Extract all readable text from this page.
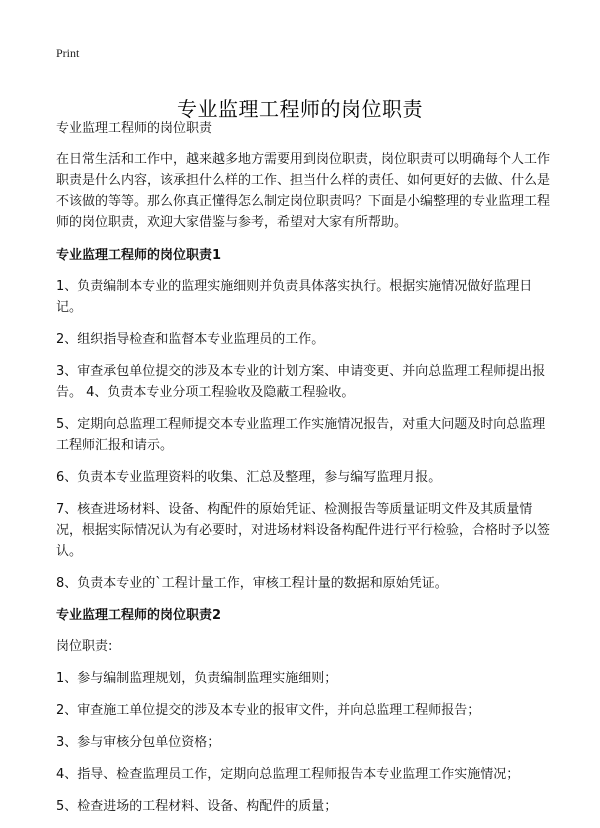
Print
专业监理工程师的岗位职责

专业监理工程师的岗位职责

在日常生活和工作中，越来越多地方需要用到岗位职责，岗位职责可以明确每个人工作职责是什么内容，该承担什么样的工作、担当什么样的责任、如何更好的去做、什么是不该做的等等。那么你真正懂得怎么制定岗位职责吗？下面是小编整理的专业监理工程师的岗位职责，欢迎大家借鉴与参考，希望对大家有所帮助。

专业监理工程师的岗位职责1

1、负责编制本专业的监理实施细则并负责具体落实执行。根据实施情况做好监理日记。

2、组织指导检查和监督本专业监理员的工作。

3、审查承包单位提交的涉及本专业的计划方案、申请变更、并向总监理工程师提出报告。 4、负责本专业分项工程验收及隐蔽工程验收。

5、定期向总监理工程师提交本专业监理工作实施情况报告，对重大问题及时向总监理工程师汇报和请示。

6、负责本专业监理资料的收集、汇总及整理，参与编写监理月报。

7、核查进场材料、设备、构配件的原始凭证、检测报告等质量证明文件及其质量情况，根据实际情况认为有必要时，对进场材料设备构配件进行平行检验，合格时予以签认。

8、负责本专业的`工程计量工作，审核工程计量的数据和原始凭证。

专业监理工程师的岗位职责2

岗位职责:

1、参与编制监理规划，负责编制监理实施细则；

2、审查施工单位提交的涉及本专业的报审文件，并向总监理工程师报告；

3、参与审核分包单位资格；

4、指导、检查监理员工作，定期向总监理工程师报告本专业监理工作实施情况；

5、检查进场的工程材料、设备、构配件的质量；
